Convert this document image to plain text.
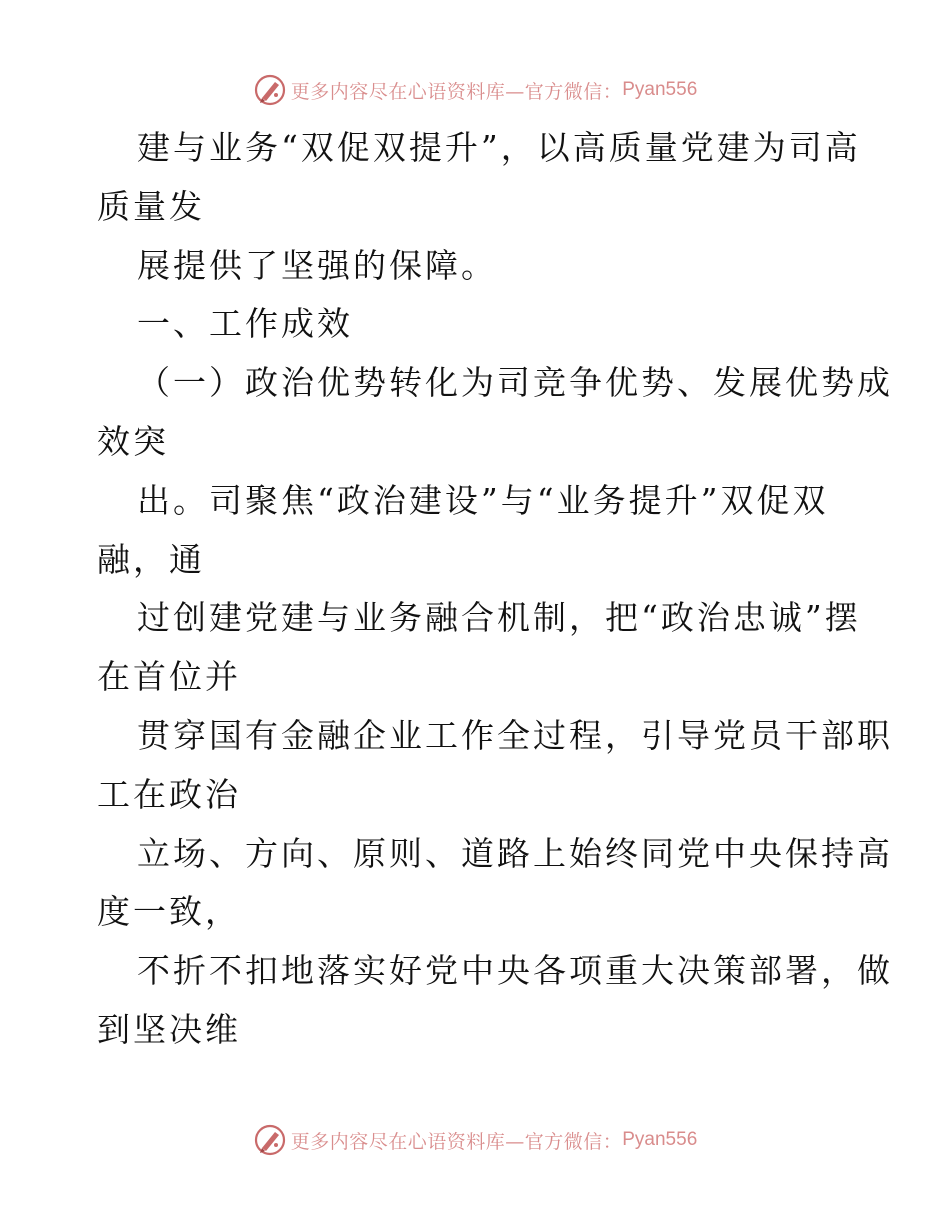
更多内容尽在心语资料库—官方微信： Pyan556
建与业务“双促双提升”，以高质量党建为司高
质量发
展提供了坚强的保障。
一、工作成效
（一）政治优势转化为司竞争优势、发展优势成
效突
出。司聚焦“政治建设”与“业务提升”双促双
融，通
过创建党建与业务融合机制，把“政治忠诚”摆
在首位并
贯穿国有金融企业工作全过程，引导党员干部职
工在政治
立场、方向、原则、道路上始终同党中央保持高
度一致，
不折不扣地落实好党中央各项重大决策部署，做
到坚决维
更多内容尽在心语资料库—官方微信： Pyan556
